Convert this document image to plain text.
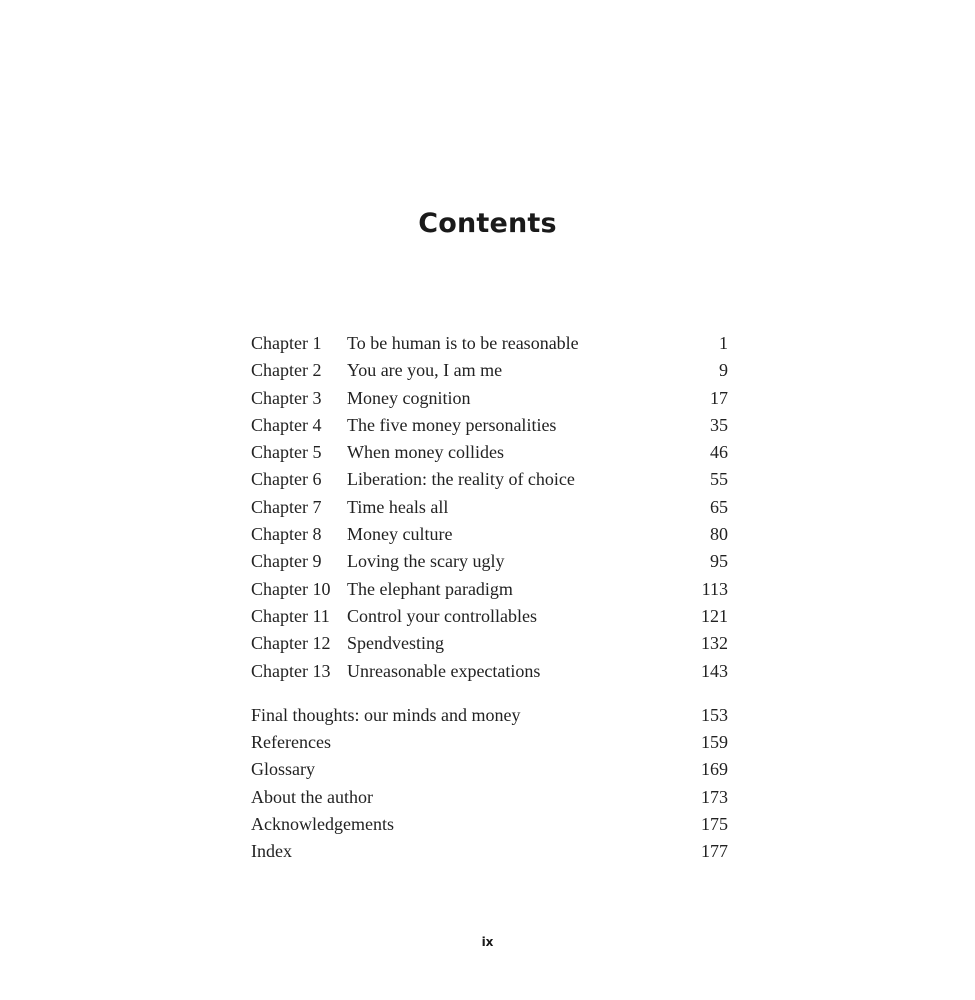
Contents
Chapter 1 To be human is to be reasonable	1
Chapter 2 You are you, I am me	9
Chapter 3 Money cognition	17
Chapter 4 The five money personalities	35
Chapter 5 When money collides	46
Chapter 6 Liberation: the reality of choice	55
Chapter 7 Time heals all	65
Chapter 8 Money culture	80
Chapter 9 Loving the scary ugly	95
Chapter 10 The elephant paradigm	113
Chapter 11 Control your controllables	121
Chapter 12 Spendvesting	132
Chapter 13 Unreasonable expectations	143
Final thoughts: our minds and money	153
References	159
Glossary	169
About the author	173
Acknowledgements	175
Index	177
ix
